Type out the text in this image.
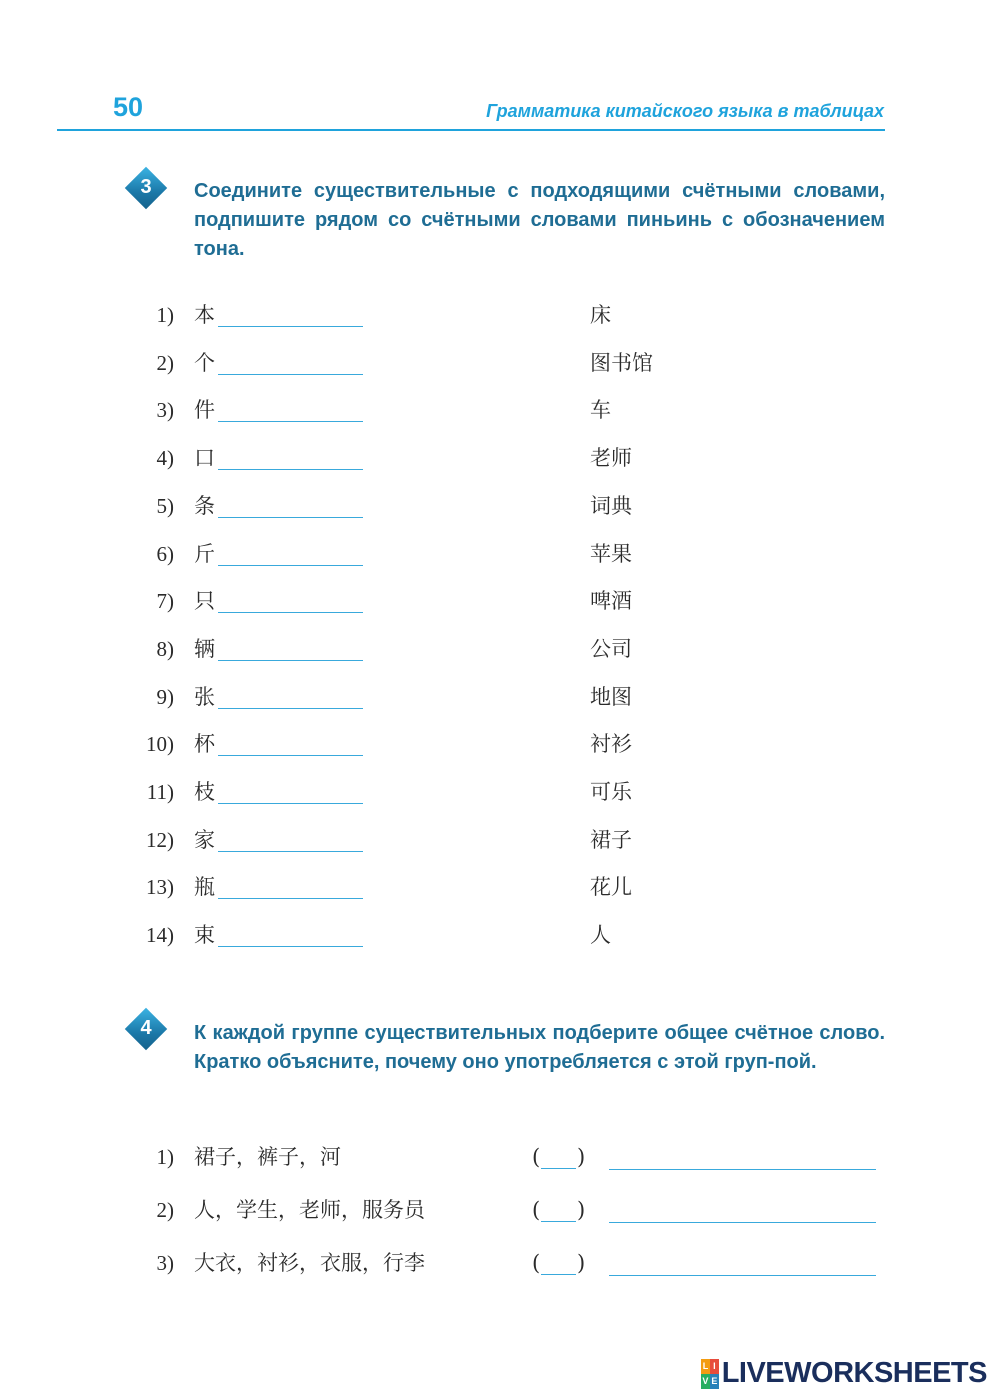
50	Грамматика китайского языка в таблицах
3	Соедините существительные с подходящими счётными словами, подпишите рядом со счётными словами пиньинь с обозначением тона.
1) 本	床
2) 个	图书馆
3) 件	车
4) 口	老师
5) 条	词典
6) 斤	苹果
7) 只	啤酒
8) 辆	公司
9) 张	地图
10) 杯	衬衫
11) 枝	可乐
12) 家	裙子
13) 瓶	花儿
14) 束	人
4	К каждой группе существительных подберите общее счётное слово. Кратко объясните, почему оно употребляется с этой груп-пой.
1) 裙子，裤子，河	( )
2) 人，学生，老师，服务员	( )
3) 大衣，衬衫，衣服，行李	( )
L I
V E LIVEWORKSHEETS
